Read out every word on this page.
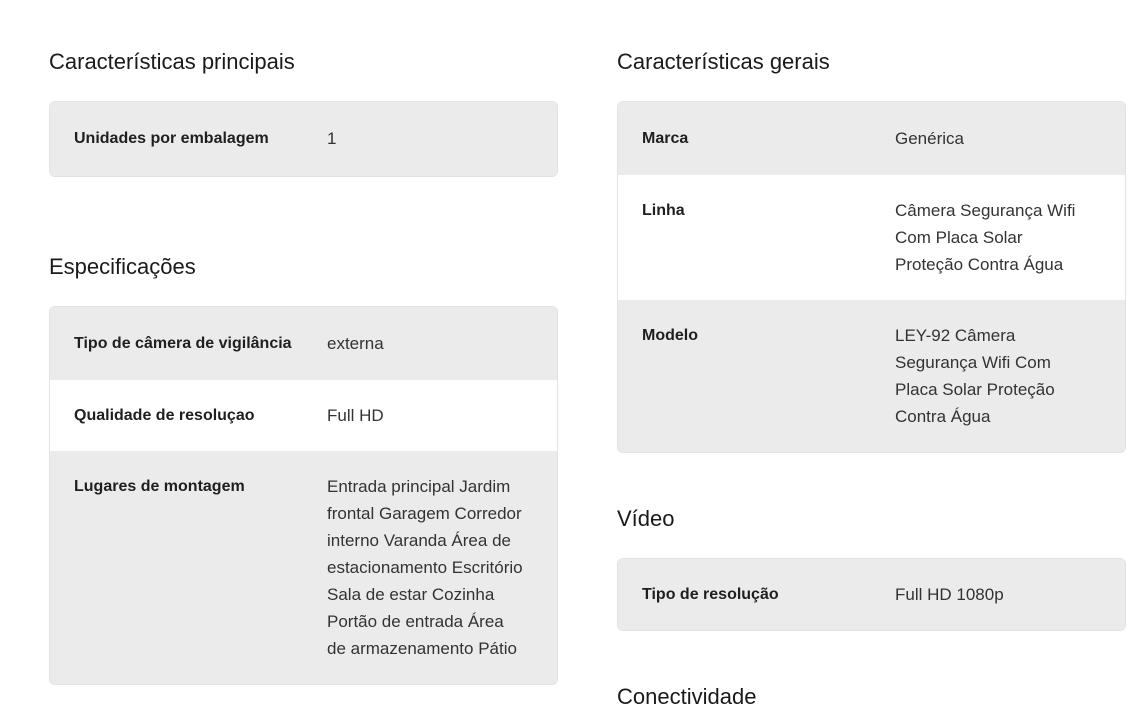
Características principais
Unidades por embalagem	1
Especificações
Tipo de câmera de vigilância	externa
Qualidade de resoluçao	Full HD
Lugares de montagem	Entrada principal Jardim frontal Garagem Corredor interno Varanda Área de estacionamento Escritório Sala de estar Cozinha Portão de entrada Área de armazenamento Pátio
Características gerais
Marca	Genérica
Linha	Câmera Segurança Wifi Com Placa Solar Proteção Contra Água
Modelo	LEY-92 Câmera Segurança Wifi Com Placa Solar Proteção Contra Água
Vídeo
Tipo de resolução	Full HD 1080p
Conectividade
